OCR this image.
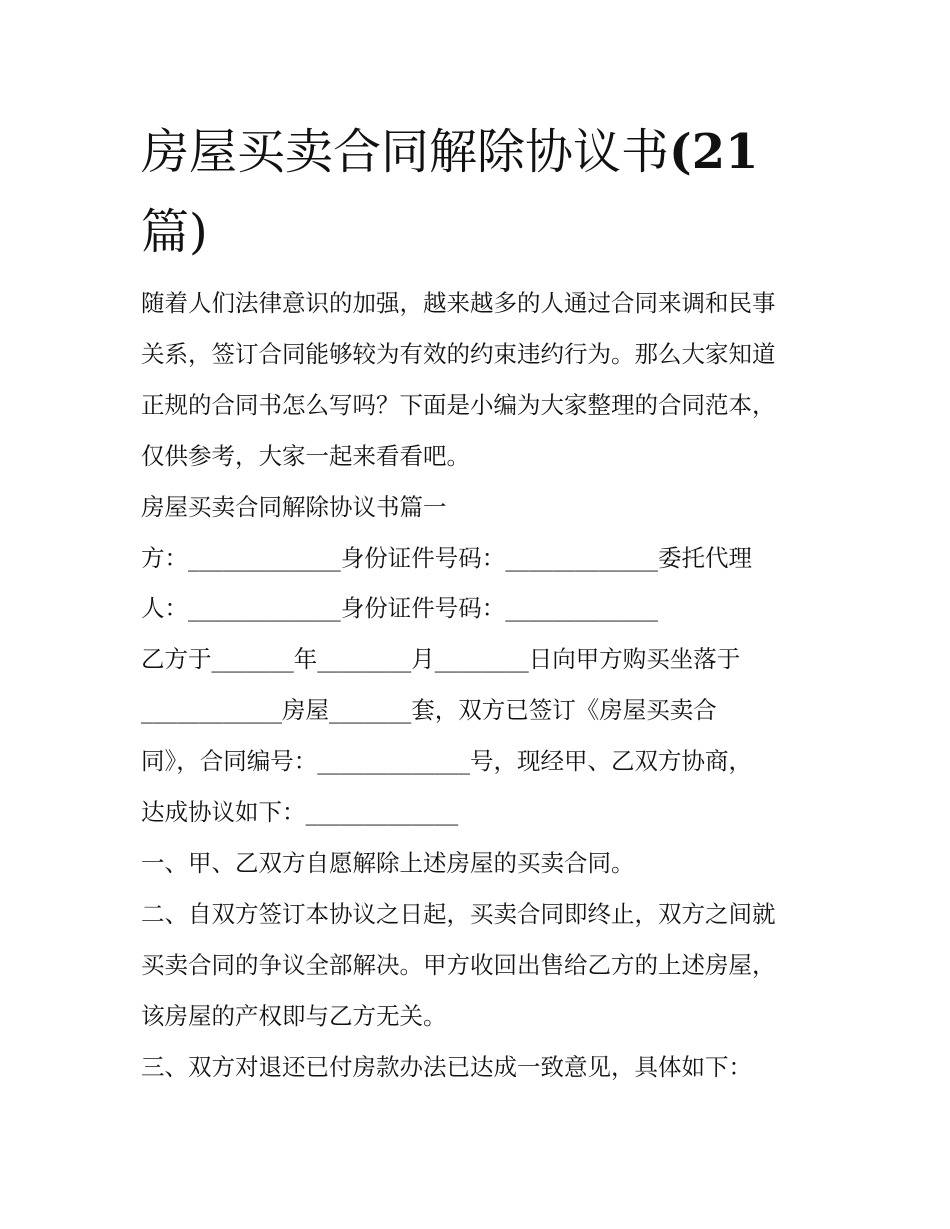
房屋买卖合同解除协议书(21
篇)
随着人们法律意识的加强，越来越多的人通过合同来调和民事
关系，签订合同能够较为有效的约束违约行为。那么大家知道
正规的合同书怎么写吗？下面是小编为大家整理的合同范本，
仅供参考，大家一起来看看吧。
房屋买卖合同解除协议书篇一
方：_____________身份证件号码：_____________委托代理
人：_____________身份证件号码：_____________
乙方于_______年________月________日向甲方购买坐落于
____________房屋_______套，双方已签订《房屋买卖合
同》，合同编号：_____________号，现经甲、乙双方协商，
达成协议如下：_____________
一、甲、乙双方自愿解除上述房屋的买卖合同。
二、自双方签订本协议之日起，买卖合同即终止，双方之间就
买卖合同的争议全部解决。甲方收回出售给乙方的上述房屋，
该房屋的产权即与乙方无关。
三、双方对退还已付房款办法已达成一致意见，具体如下：
